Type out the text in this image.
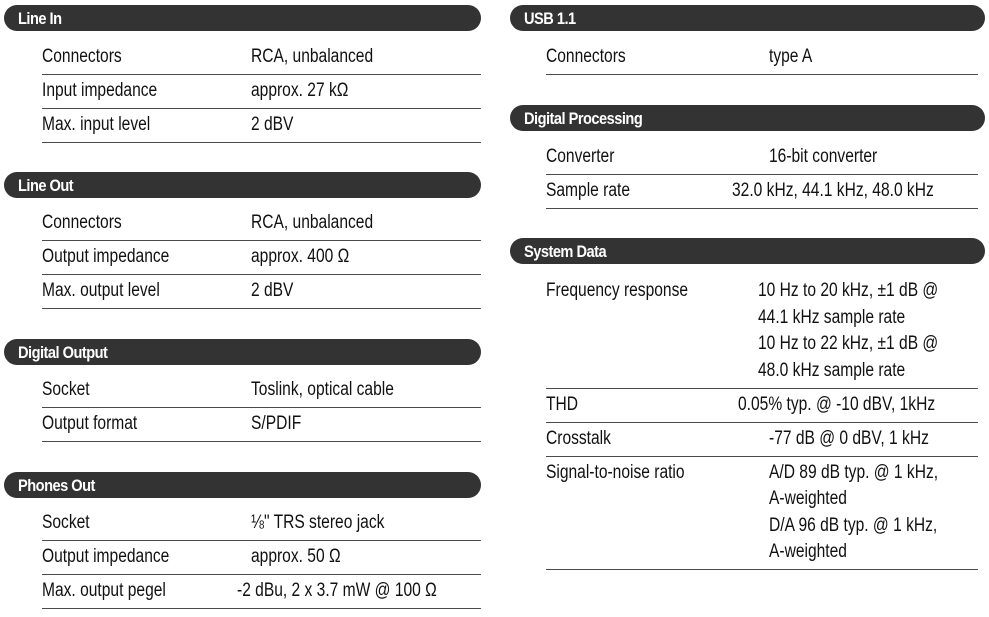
Line In
Connectors	RCA, unbalanced
Input impedance	approx. 27 kΩ
Max. input level	2 dBV
Line Out
Connectors	RCA, unbalanced
Output impedance	approx. 400 Ω
Max. output level	2 dBV
Digital Output
Socket	Toslink, optical cable
Output format	S/PDIF
Phones Out
Socket	⅛" TRS stereo jack
Output impedance	approx. 50 Ω
Max. output pegel	-2 dBu, 2 x 3.7 mW @ 100 Ω
USB 1.1
Connectors	type A
Digital Processing
Converter	16-bit converter
Sample rate	32.0 kHz, 44.1 kHz, 48.0 kHz
System Data
Frequency response	10 Hz to 20 kHz, ±1 dB @
44.1 kHz sample rate
10 Hz to 22 kHz, ±1 dB @
48.0 kHz sample rate
THD	0.05% typ. @ -10 dBV, 1kHz
Crosstalk	-77 dB @ 0 dBV, 1 kHz
Signal-to-noise ratio	A/D 89 dB typ. @ 1 kHz,
A-weighted
D/A 96 dB typ. @ 1 kHz,
A-weighted
